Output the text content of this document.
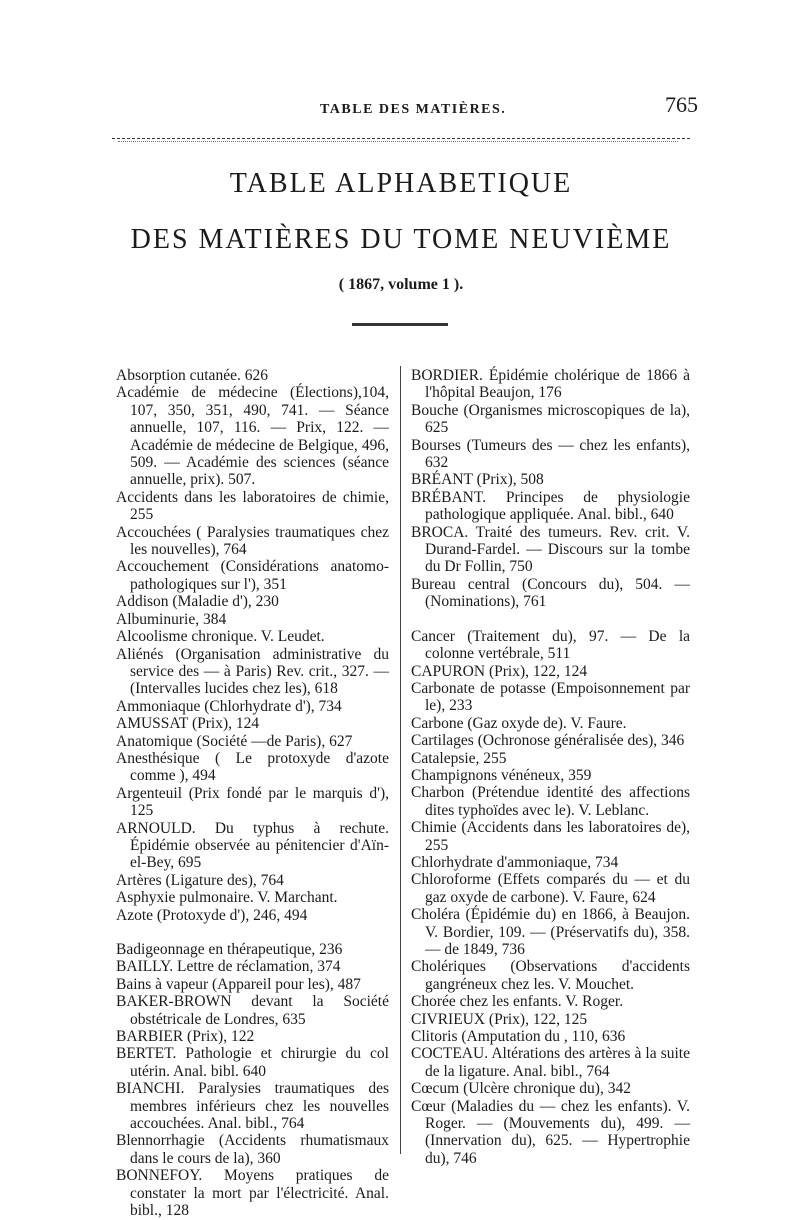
TABLE DES MATIÈRES.	765
TABLE ALPHABETIQUE
DES MATIÈRES DU TOME NEUVIÈME
( 1867, volume 1 ).

Absorption cutanée. 626

Académie de médecine (Élections),104, 107, 350, 351, 490, 741. — Séance annuelle, 107, 116. — Prix, 122. — Académie de médecine de Belgique, 496, 509. — Académie des sciences (séance annuelle, prix). 507.

Accidents dans les laboratoires de chimie, 255

Accouchées ( Paralysies traumatiques chez les nouvelles), 764

Accouchement (Considérations anatomo-pathologiques sur l'), 351

Addison (Maladie d'), 230

Albuminurie, 384

Alcoolisme chronique. V. Leudet.

Aliénés (Organisation administrative du service des — à Paris) Rev. crit., 327. — (Intervalles lucides chez les), 618

Ammoniaque (Chlorhydrate d'), 734

AMUSSAT (Prix), 124

Anatomique (Société —de Paris), 627

Anesthésique ( Le protoxyde d'azote comme ), 494

Argenteuil (Prix fondé par le marquis d'), 125

ARNOULD. Du typhus à rechute. Épidémie observée au pénitencier d'Aïn-el-Bey, 695

Artères (Ligature des), 764

Asphyxie pulmonaire. V. Marchant.

Azote (Protoxyde d'), 246, 494

Badigeonnage en thérapeutique, 236

BAILLY. Lettre de réclamation, 374

Bains à vapeur (Appareil pour les), 487

BAKER-BROWN devant la Société obstétricale de Londres, 635

BARBIER (Prix), 122

BERTET. Pathologie et chirurgie du col utérin. Anal. bibl. 640

BIANCHI. Paralysies traumatiques des membres inférieurs chez les nouvelles accouchées. Anal. bibl., 764

Blennorrhagie (Accidents rhumatismaux dans le cours de la), 360

BONNEFOY. Moyens pratiques de constater la mort par l'électricité. Anal. bibl., 128

BORDIER. Épidémie cholérique de 1866 à l'hôpital Beaujon, 176

Bouche (Organismes microscopiques de la), 625

Bourses (Tumeurs des — chez les enfants), 632

BRÉANT (Prix), 508

BRÉBANT. Principes de physiologie pathologique appliquée. Anal. bibl., 640

BROCA. Traité des tumeurs. Rev. crit. V. Durand-Fardel. — Discours sur la tombe du Dr Follin, 750

Bureau central (Concours du), 504. — (Nominations), 761

Cancer (Traitement du), 97. — De la colonne vertébrale, 511

CAPURON (Prix), 122, 124

Carbonate de potasse (Empoisonnement par le), 233

Carbone (Gaz oxyde de). V. Faure.

Cartilages (Ochronose généralisée des), 346

Catalepsie, 255

Champignons vénéneux, 359

Charbon (Prétendue identité des affections dites typhoïdes avec le). V. Leblanc.

Chimie (Accidents dans les laboratoires de), 255

Chlorhydrate d'ammoniaque, 734

Chloroforme (Effets comparés du — et du gaz oxyde de carbone). V. Faure, 624

Choléra (Épidémie du) en 1866, à Beaujon. V. Bordier, 109. — (Préservatifs du), 358. — de 1849, 736

Cholériques (Observations d'accidents gangréneux chez les. V. Mouchet.

Chorée chez les enfants. V. Roger.

CIVRIEUX (Prix), 122, 125

Clitoris (Amputation du , 110, 636

COCTEAU. Altérations des artères à la suite de la ligature. Anal. bibl., 764

Cœcum (Ulcère chronique du), 342

Cœur (Maladies du — chez les enfants). V. Roger. — (Mouvements du), 499. — (Innervation du), 625. — Hypertrophie du), 746
